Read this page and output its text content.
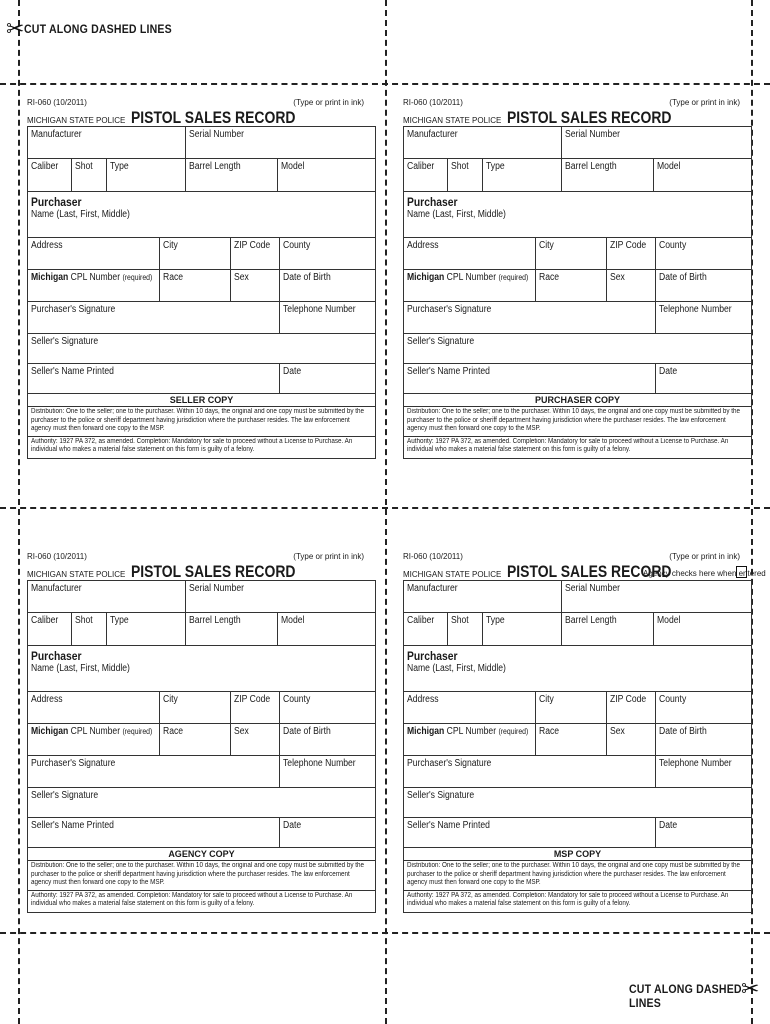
✂ CUT ALONG DASHED LINES
CUT ALONG DASHED LINES
✂
RI-060 (10/2011)	(Type or print in ink)
MICHIGAN STATE POLICE PISTOL SALES RECORD
Manufacturer	Serial Number
Caliber	Shot	Type	Barrel Length	Model
Purchaser
Name (Last, First, Middle)
Address	City	ZIP Code	County
Michigan CPL Number (required)	Race	Sex	Date of Birth
Purchaser's Signature	Telephone Number
Seller's Signature
Seller's Name Printed	Date
SELLER COPY
Distribution: One to the seller; one to the purchaser. Within 10 days, the original and one copy must be submitted by the purchaser to the police or sheriff department having jurisdiction where the purchaser resides. The law enforcement agency must then forward one copy to the MSP.
Authority: 1927 PA 372, as amended. Completion: Mandatory for sale to proceed without a License to Purchase. An individual who makes a material false statement on this form is guilty of a felony.
RI-060 (10/2011)	(Type or print in ink)
MICHIGAN STATE POLICE PISTOL SALES RECORD
Manufacturer	Serial Number
Caliber	Shot	Type	Barrel Length	Model
Purchaser
Name (Last, First, Middle)
Address	City	ZIP Code	County
Michigan CPL Number (required)	Race	Sex	Date of Birth
Purchaser's Signature	Telephone Number
Seller's Signature
Seller's Name Printed	Date
PURCHASER COPY
Distribution: One to the seller; one to the purchaser. Within 10 days, the original and one copy must be submitted by the purchaser to the police or sheriff department having jurisdiction where the purchaser resides. The law enforcement agency must then forward one copy to the MSP.
Authority: 1927 PA 372, as amended. Completion: Mandatory for sale to proceed without a License to Purchase. An individual who makes a material false statement on this form is guilty of a felony.
RI-060 (10/2011)	(Type or print in ink)
MICHIGAN STATE POLICE PISTOL SALES RECORD
Manufacturer	Serial Number
Caliber	Shot	Type	Barrel Length	Model
Purchaser
Name (Last, First, Middle)
Address	City	ZIP Code	County
Michigan CPL Number (required)	Race	Sex	Date of Birth
Purchaser's Signature	Telephone Number
Seller's Signature
Seller's Name Printed	Date
AGENCY COPY
Distribution: One to the seller; one to the purchaser. Within 10 days, the original and one copy must be submitted by the purchaser to the police or sheriff department having jurisdiction where the purchaser resides. The law enforcement agency must then forward one copy to the MSP.
Authority: 1927 PA 372, as amended. Completion: Mandatory for sale to proceed without a License to Purchase. An individual who makes a material false statement on this form is guilty of a felony.
RI-060 (10/2011)	(Type or print in ink)
MICHIGAN STATE POLICE PISTOL SALES RECORD
Agency checks here when entered
Manufacturer	Serial Number
Caliber	Shot	Type	Barrel Length	Model
Purchaser
Name (Last, First, Middle)
Address	City	ZIP Code	County
Michigan CPL Number (required)	Race	Sex	Date of Birth
Purchaser's Signature	Telephone Number
Seller's Signature
Seller's Name Printed	Date
MSP COPY
Distribution: One to the seller; one to the purchaser. Within 10 days, the original and one copy must be submitted by the purchaser to the police or sheriff department having jurisdiction where the purchaser resides. The law enforcement agency must then forward one copy to the MSP.
Authority: 1927 PA 372, as amended. Completion: Mandatory for sale to proceed without a License to Purchase. An individual who makes a material false statement on this form is guilty of a felony.
